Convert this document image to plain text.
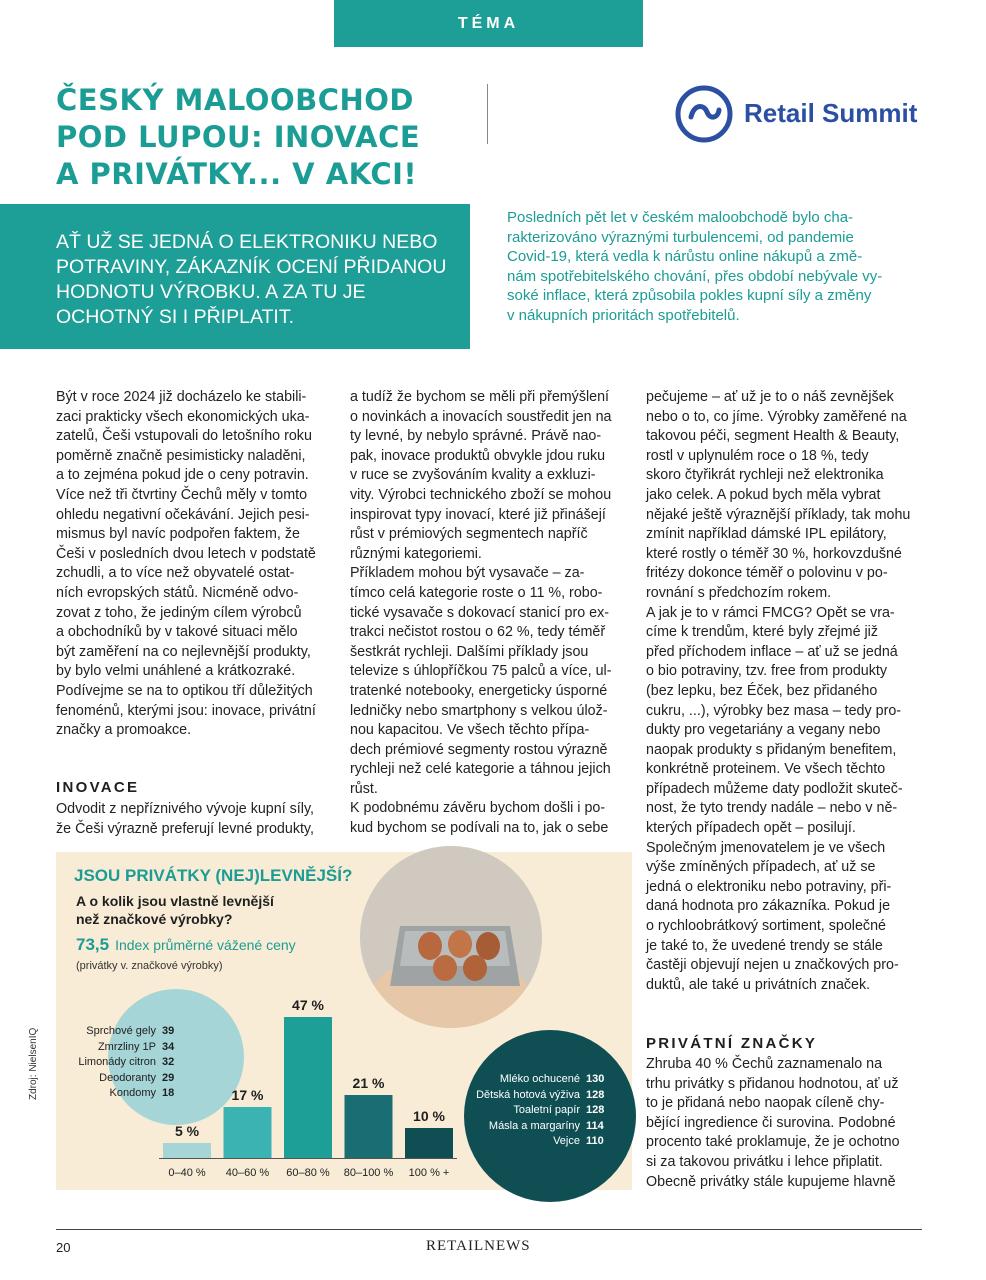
TÉMA
ČESKÝ MALOOBCHOD
POD LUPOU: INOVACE
A PRIVÁTKY... V AKCI!
Retail Summit
AŤ UŽ SE JEDNÁ O ELEKTRONIKU NEBO
POTRAVINY, ZÁKAZNÍK OCENÍ PŘIDANOU
HODNOTU VÝROBKU. A ZA TU JE
OCHOTNÝ SI I PŘIPLATIT.
Posledních pět let v českém maloobchodě bylo cha-
rakterizováno výraznými turbulencemi, od pandemie
Covid-19, která vedla k nárůstu online nákupů a změ-
nám spotřebitelského chování, přes období nebývale vy-
soké inflace, která způsobila pokles kupní síly a změny
v nákupních prioritách spotřebitelů.
Být v roce 2024 již docházelo ke stabili-
zaci prakticky všech ekonomických uka-
zatelů, Češi vstupovali do letošního roku
poměrně značně pesimisticky naladěni,
a to zejména pokud jde o ceny potravin.
Více než tři čtvrtiny Čechů měly v tomto
ohledu negativní očekávání. Jejich pesi-
mismus byl navíc podpořen faktem, že
Češi v posledních dvou letech v podstatě
zchudli, a to více než obyvatelé ostat-
ních evropských států. Nicméně odvo-
zovat z toho, že jediným cílem výrobců
a obchodníků by v takové situaci mělo
být zaměření na co nejlevnější produkty,
by bylo velmi unáhlené a krátkozraké.
Podívejme se na to optikou tří důležitých
fenoménů, kterými jsou: inovace, privátní
značky a promoakce.
INOVACE
Odvodit z nepříznivého vývoje kupní síly,
že Češi výrazně preferují levné produkty,
a tudíž že bychom se měli při přemýšlení
o novinkách a inovacích soustředit jen na
ty levné, by nebylo správné. Právě nao-
pak, inovace produktů obvykle jdou ruku
v ruce se zvyšováním kvality a exkluzi-
vity. Výrobci technického zboží se mohou
inspirovat typy inovací, které již přinášejí
růst v prémiových segmentech napříč
různými kategoriemi.
Příkladem mohou být vysavače – za-
tímco celá kategorie roste o 11 %, robo-
tické vysavače s dokovací stanicí pro ex-
trakci nečistot rostou o 62 %, tedy téměř
šestkrát rychleji. Dalšími příklady jsou
televize s úhlopříčkou 75 palců a více, ul-
tratenké notebooky, energeticky úsporné
ledničky nebo smartphony s velkou úlož-
nou kapacitou. Ve všech těchto přípa-
dech prémiové segmenty rostou výrazně
rychleji než celé kategorie a táhnou jejich
růst.
K podobnému závěru bychom došli i po-
kud bychom se podívali na to, jak o sebe
pečujeme – ať už je to o náš zevnějšek
nebo o to, co jíme. Výrobky zaměřené na
takovou péči, segment Health & Beauty,
rostl v uplynulém roce o 18 %, tedy
skoro čtyřikrát rychleji než elektronika
jako celek. A pokud bych měla vybrat
nějaké ještě výraznější příklady, tak mohu
zmínit například dámské IPL epilátory,
které rostly o téměř 30 %, horkovzdušné
fritézy dokonce téměř o polovinu v po-
rovnání s předchozím rokem.
A jak je to v rámci FMCG? Opět se vra-
címe k trendům, které byly zřejmé již
před příchodem inflace – ať už se jedná
o bio potraviny, tzv. free from produkty
(bez lepku, bez Éček, bez přidaného
cukru, ...), výrobky bez masa – tedy pro-
dukty pro vegetariány a vegany nebo
naopak produkty s přidaným benefitem,
konkrétně proteinem. Ve všech těchto
případech můžeme daty podložit skuteč-
nost, že tyto trendy nadále – nebo v ně-
kterých případech opět – posilují.
Společným jmenovatelem je ve všech
výše zmíněných případech, ať už se
jedná o elektroniku nebo potraviny, při-
daná hodnota pro zákazníka. Pokud je
o rychloobrátkový sortiment, společné
je také to, že uvedené trendy se stále
častěji objevují nejen u značkových pro-
duktů, ale také u privátních značek.
PRIVÁTNÍ ZNAČKY
Zhruba 40 % Čechů zaznamenalo na
trhu privátky s přidanou hodnotou, ať už
to je přidaná nebo naopak cíleně chy-
bějící ingredience či surovina. Podobné
procento také proklamuje, že je ochotno
si za takovou privátku i lehce připlatit.
Obecně privátky stále kupujeme hlavně
JSOU PRIVÁTKY (NEJ)LEVNĚJŠÍ?
A o kolik jsou vlastně levnější
než značkové výrobky?
73,5 Index průměrné vážené ceny
(privátky v. značkové výrobky)
Sprchové gely 39
Zmrzliny 1P 34
Limonády citron 32
Deodoranty 29
Kondomy 18
5 %
0–40 %
17 %
40–60 %
47 %
60–80 %
21 %
80–100 %
10 %
100 % +
Mléko ochucené 130
Dětská hotová výživa 128
Toaletní papír 128
Másla a margaríny 114
Vejce 110
Zdroj: NielsenIQ
20	RETAILNEWS
